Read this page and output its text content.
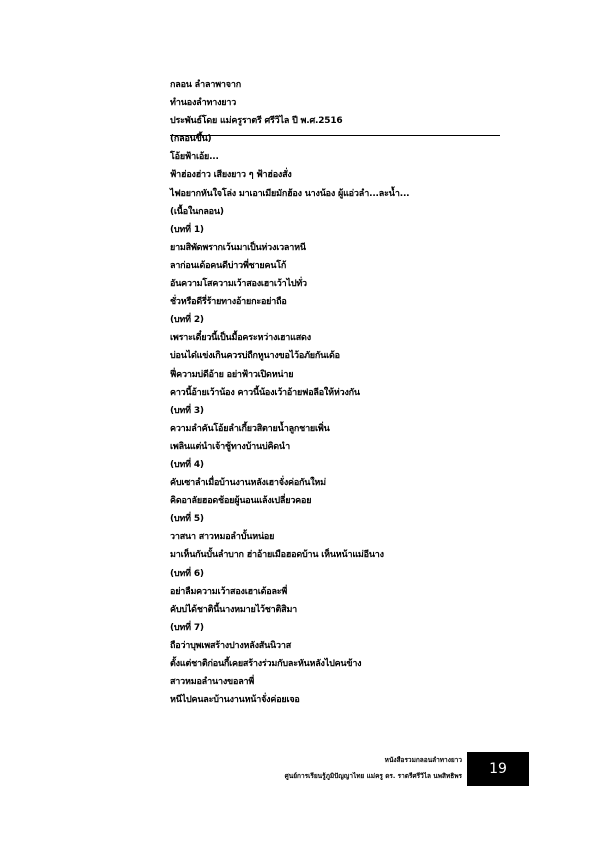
กลอน ลำลาพาจาก
ทำนองลำทางยาว
ประพันธ์โดย แม่ครูราตรี ศรีวิไล ปี พ.ศ.2516
(กลอนขึ้น)
โอ้ยฟ้าเอ้ย...
ฟ้าฮ่องฮ่าว เสียงยาว ๆ ฟ้าฮ่องสั่ง
ไฟอยากหันใจโล่ง มาเอาเมียมักฮ้อง นางน้อง ผู้แอ่วลำ...ละน้ำ...
(เนื้อในกลอน)
(บทที่ 1)
ยามสิพัดพรากเว้นมาเป็นห่วงเวลาหนี
ลาก่อนเด้อคนดีบ่าวพี่ชายคนโก้
อันความโสความเว้าสองเฮาเว้าไปทั่ว
ชั่วหรือดีรี่ร้ายทางอ้ายกะอย่าถือ
(บทที่ 2)
เพราะเดี๋ยวนี้เป็นมื้อคระหว่างเฮาแสดง
บ่อนได๋แข่งเกินควรบ่ถืกหูนางขอไว้อภัยกันเด้อ
ฟี่ความบ่ดีอ้าย อย่าฟ้าวเปิดหน่าย
คาวนี้อ้ายเว้าน้อง คาวนี้น้องเว้าอ้ายฟอลีอให้ห่วงกัน
(บทที่ 3)
ความลำคันโอ้ยลำเกี้ยวสิตายน้ำลูกชายเพิ่น
เพลินแต่นำเจ้าชู้ทางบ้านบ่คิดนำ
(บทที่ 4)
คับเซาลำเมื่อบ้านงานหลังเฮาจั่งค่อกันใหม่
คิดอาลัยฮอดช้อยผู้นอนแล้งเปลี่ยวคอย
(บทที่ 5)
วาสนา สาวหมอลำบั้นหน่อย
มาเห็นกันบั้นลำบาก ฮ่าอ้ายเมือฮอดบ้าน เห็นหน้าแม่อีนาง
(บทที่ 6)
อย่าลืมความเว้าสองเฮาเด้อละพี่
คับบ่ได้ชาตินี้นางหมายไว้ชาติสิมา
(บทที่ 7)
ถือว่าบุพเพสร้างปางหลังสันนิวาส
ตั้งแต่ชาติก่อนกี้เคยสร้างร่วมกับละหันหลังไปคนข้าง
สาวหมอลำนางขอลาพี่
หนีไปคนละบ้านงานหน้าจั่งค่อยเจอ
หนังสือรวมกลอนลำทางยาว
ศูนย์การเรียนรู้ภูมิปัญญาไทย แม่ครู ดร. ราตรีศรีวิไล นพสิทธิพร 19
